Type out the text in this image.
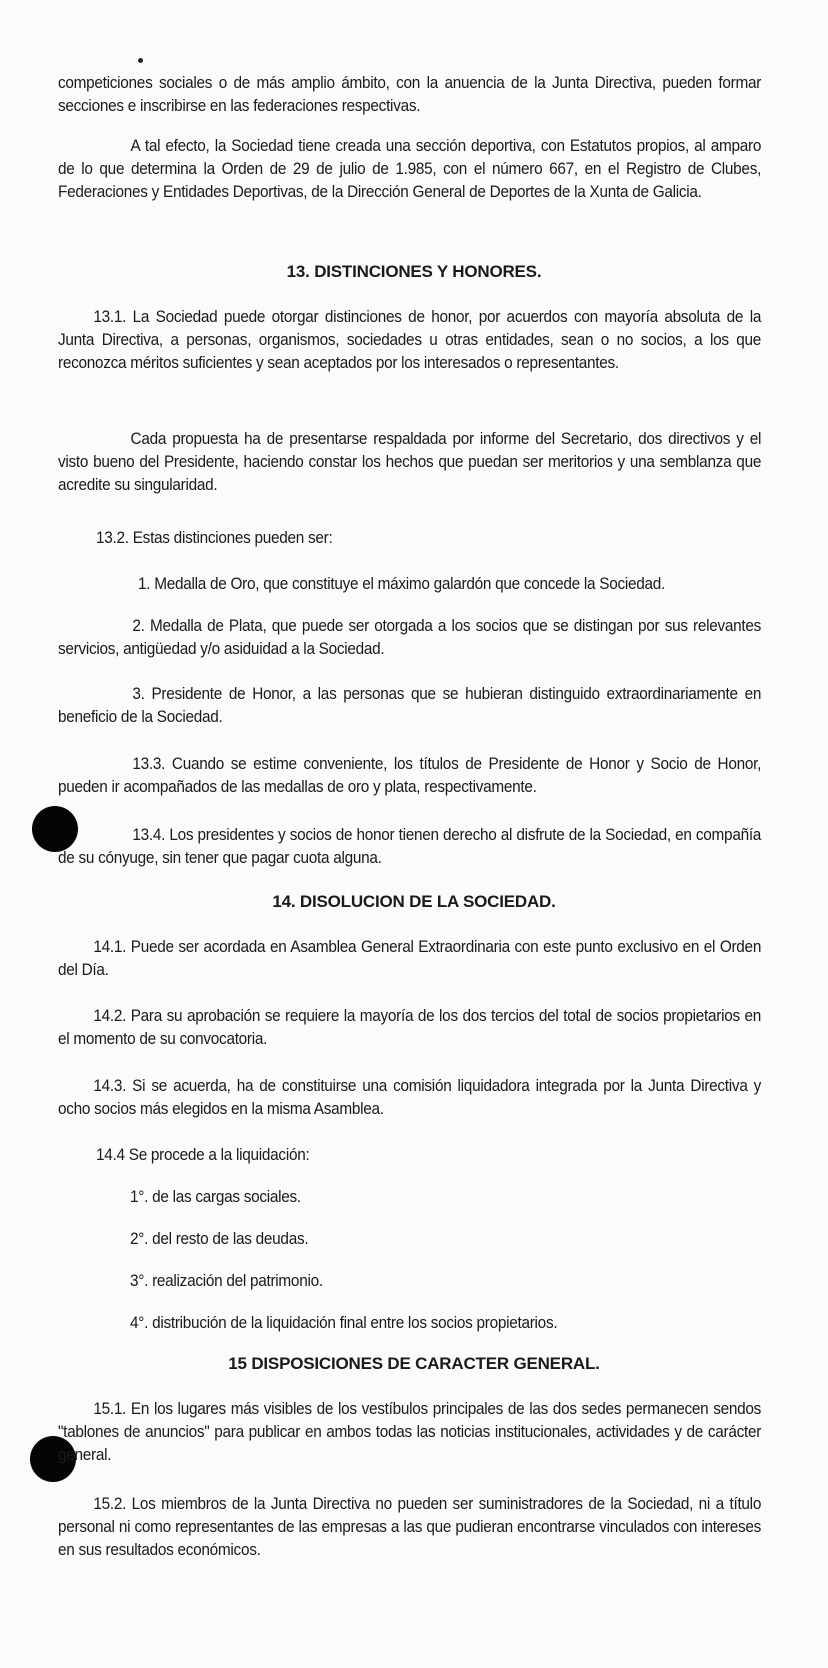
competiciones sociales o de más amplio ámbito, con la anuencia de la Junta Directiva, pueden formar secciones e inscribirse en las federaciones respectivas.

A tal efecto, la Sociedad tiene creada una sección deportiva, con Estatutos propios, al amparo de lo que determina la Orden de 29 de julio de 1.985, con el número 667, en el Registro de Clubes, Federaciones y Entidades Deportivas, de la Dirección General de Deportes de la Xunta de Galicia.

13. DISTINCIONES Y HONORES.

13.1. La Sociedad puede otorgar distinciones de honor, por acuerdos con mayoría absoluta de la Junta Directiva, a personas, organismos, sociedades u otras entidades, sean o no socios, a los que reconozca méritos suficientes y sean aceptados por los interesados o representantes.

Cada propuesta ha de presentarse respaldada por informe del Secretario, dos directivos y el visto bueno del Presidente, haciendo constar los hechos que puedan ser meritorios y una semblanza que acredite su singularidad.

13.2. Estas distinciones pueden ser:
1. Medalla de Oro, que constituye el máximo galardón que concede la Sociedad.

2. Medalla de Plata, que puede ser otorgada a los socios que se distingan por sus relevantes servicios, antigüedad y/o asiduidad a la Sociedad.

3. Presidente de Honor, a las personas que se hubieran distinguido extraordinariamente en beneficio de la Sociedad.

13.3. Cuando se estime conveniente, los títulos de Presidente de Honor y Socio de Honor, pueden ir acompañados de las medallas de oro y plata, respectivamente.

13.4. Los presidentes y socios de honor tienen derecho al disfrute de la Sociedad, en compañía de su cónyuge, sin tener que pagar cuota alguna.

14. DISOLUCION DE LA SOCIEDAD.

14.1. Puede ser acordada en Asamblea General Extraordinaria con este punto exclusivo en el Orden del Día.

14.2. Para su aprobación se requiere la mayoría de los dos tercios del total de socios propietarios en el momento de su convocatoria.

14.3. Si se acuerda, ha de constituirse una comisión liquidadora integrada por la Junta Directiva y ocho socios más elegidos en la misma Asamblea.

14.4 Se procede a la liquidación:
1°. de las cargas sociales.
2°. del resto de las deudas.
3°. realización del patrimonio.
4°. distribución de la liquidación final entre los socios propietarios.
15 DISPOSICIONES DE CARACTER GENERAL.

15.1. En los lugares más visibles de los vestíbulos principales de las dos sedes permanecen sendos "tablones de anuncios" para publicar en ambos todas las noticias institucionales, actividades y de carácter general.

15.2. Los miembros de la Junta Directiva no pueden ser suministradores de la Sociedad, ni a título personal ni como representantes de las empresas a las que pudieran encontrarse vinculados con intereses en sus resultados económicos.
